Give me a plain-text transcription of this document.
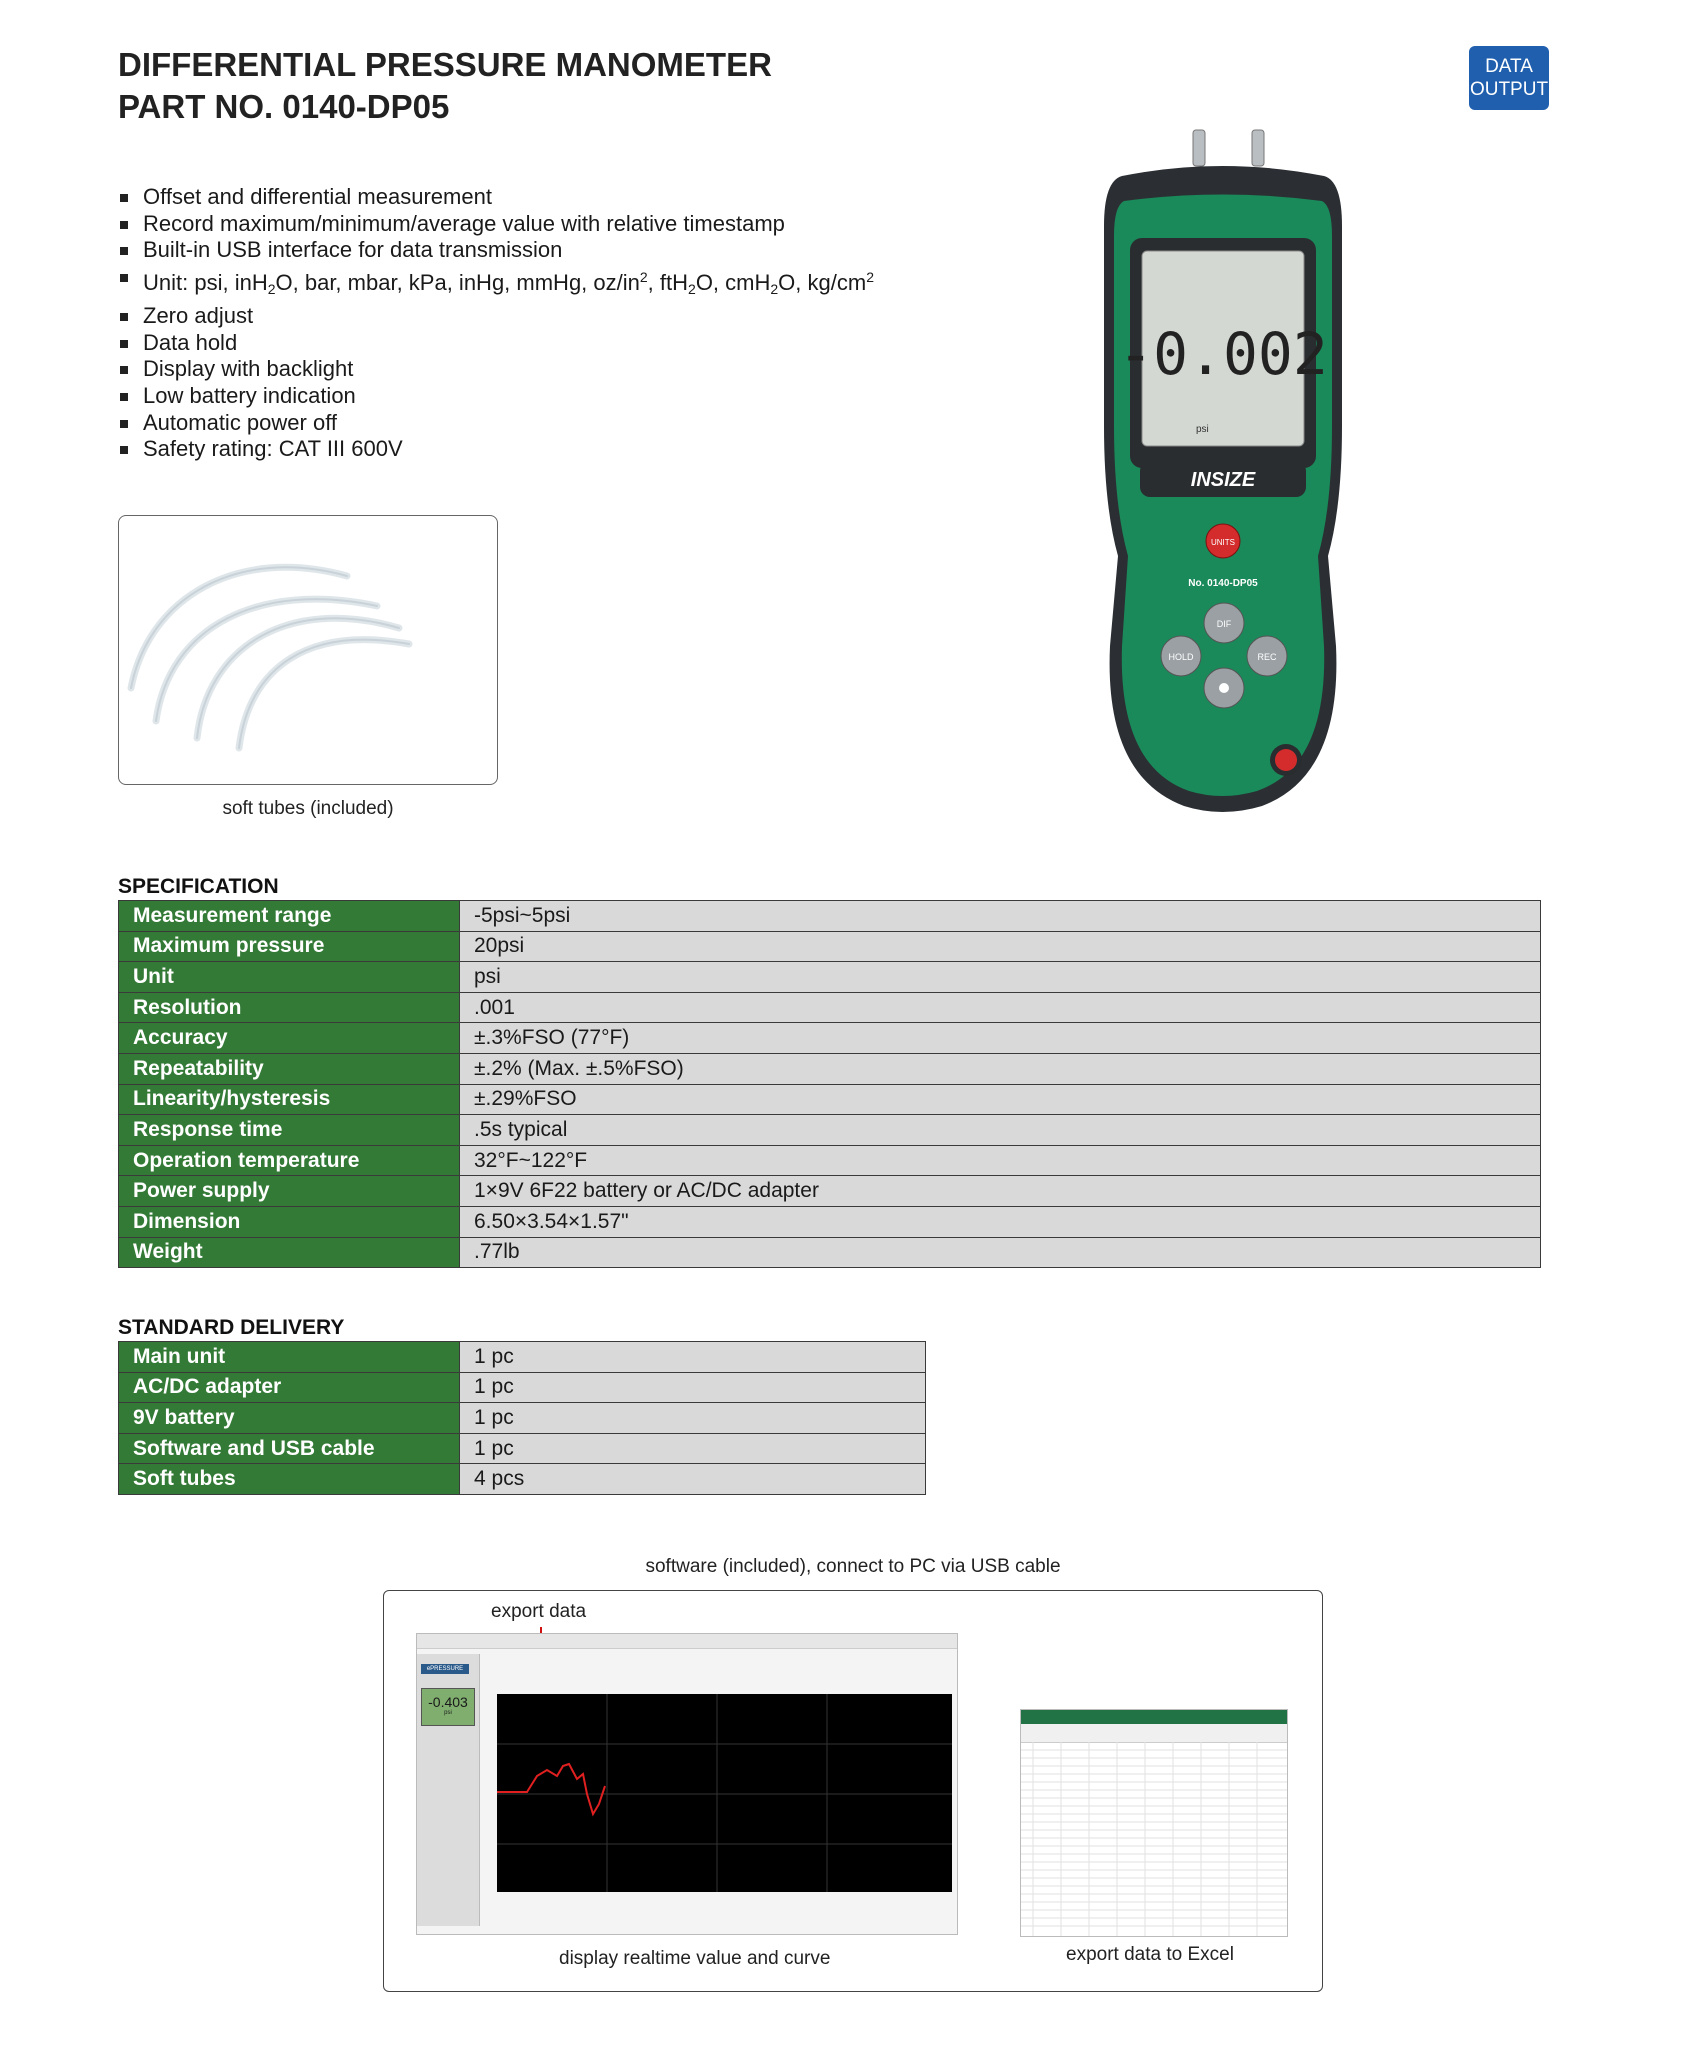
DIFFERENTIAL PRESSURE MANOMETER
PART NO. 0140-DP05
DATA
OUTPUT
Offset and differential measurement
Record maximum/minimum/average value with relative timestamp
Built-in USB interface for data transmission
Unit: psi, inH$_2$O, bar, mbar, kPa, inHg, mmHg, $oz/in^2$, ftH$_2$O, cmH$_2$O, $kg/cm^2$
Zero adjust
Data hold
Display with backlight
Low battery indication
Automatic power off
Safety rating: CAT III 600V
soft tubes (included)
-0.002
psi
INSIZE
UNITS
No. 0140-DP05
DIF
HOLD	REC
SPECIFICATION
Measurement range	-5psi~5psi
Maximum pressure	20psi
Unit	psi
Resolution	.001
Accuracy	±.3%FSO (77°F)
Repeatability	±.2% (Max. ±.5%FSO)
Linearity/hysteresis	±.29%FSO
Response time	.5s typical
Operation temperature	32°F~122°F
Power supply	1×9V 6F22 battery or AC/DC adapter
Dimension	6.50×3.54×1.57"
Weight	.77lb
STANDARD DELIVERY
Main unit	1 pc
AC/DC adapter	1 pc
9V battery	1 pc
Software and USB cable	1 pc
Soft tubes	4 pcs
software (included), connect to PC via USB cable
export data
ePRESSURE
-0.403
psi
display realtime value and curve	export data to Excel
